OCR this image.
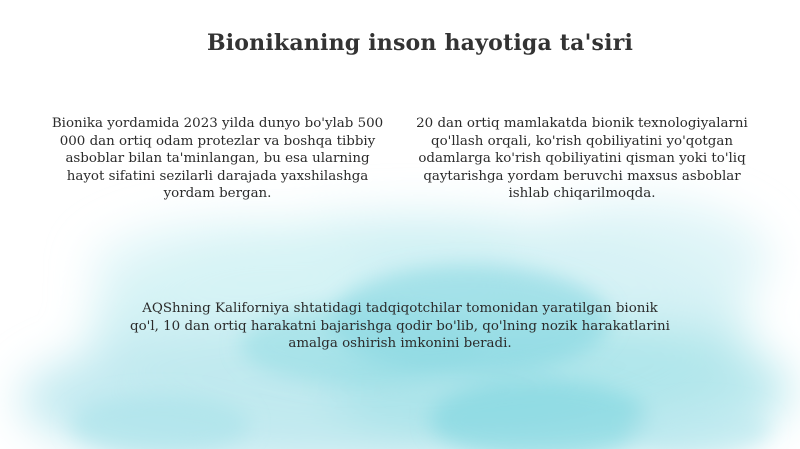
Bionikaning inson hayotiga ta'siri
Bionika yordamida 2023 yilda dunyo bo'ylab 500 000 dan ortiq odam protezlar va boshqa tibbiy asboblar bilan ta'minlangan, bu esa ularning hayot sifatini sezilarli darajada yaxshilashga yordam bergan.
20 dan ortiq mamlakatda bionik texnologiyalarni qo'llash orqali, ko'rish qobiliyatini yo'qotgan odamlarga ko'rish qobiliyatini qisman yoki to'liq qaytarishga yordam beruvchi maxsus asboblar ishlab chiqarilmoqda.
AQShning Kaliforniya shtatidagi tadqiqotchilar tomonidan yaratilgan bionik qo'l, 10 dan ortiq harakatni bajarishga qodir bo'lib, qo'lning nozik harakatlarini amalga oshirish imkonini beradi.
